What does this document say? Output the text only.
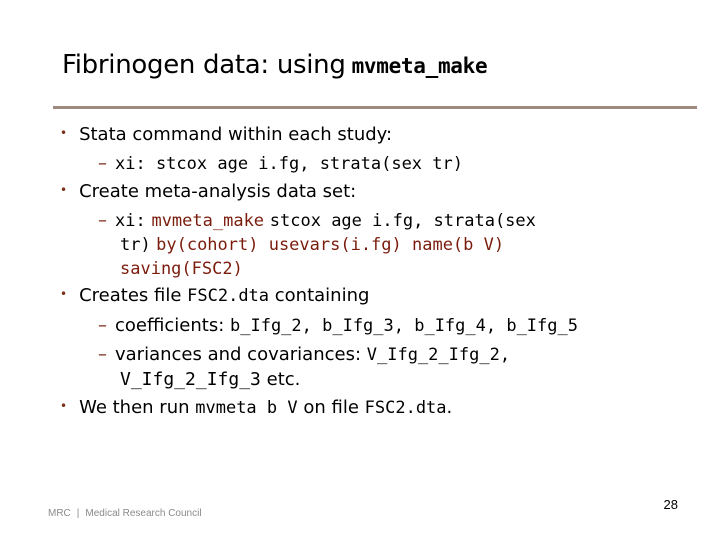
Fibrinogen data: using mvmeta_make
• Stata command within each study:
– xi: stcox age i.fg, strata(sex tr)
• Create meta-analysis data set:
– xi: mvmeta_make stcox age i.fg, strata(sex
tr) by(cohort) usevars(i.fg) name(b V)
saving(FSC2)
• Creates file FSC2.dta containing
– coefficients: b_Ifg_2, b_Ifg_3, b_Ifg_4, b_Ifg_5
– variances and covariances: V_Ifg_2_Ifg_2,
V_Ifg_2_Ifg_3 etc.
• We then run mvmeta b V on file FSC2.dta.
MRC | Medical Research Council
28
